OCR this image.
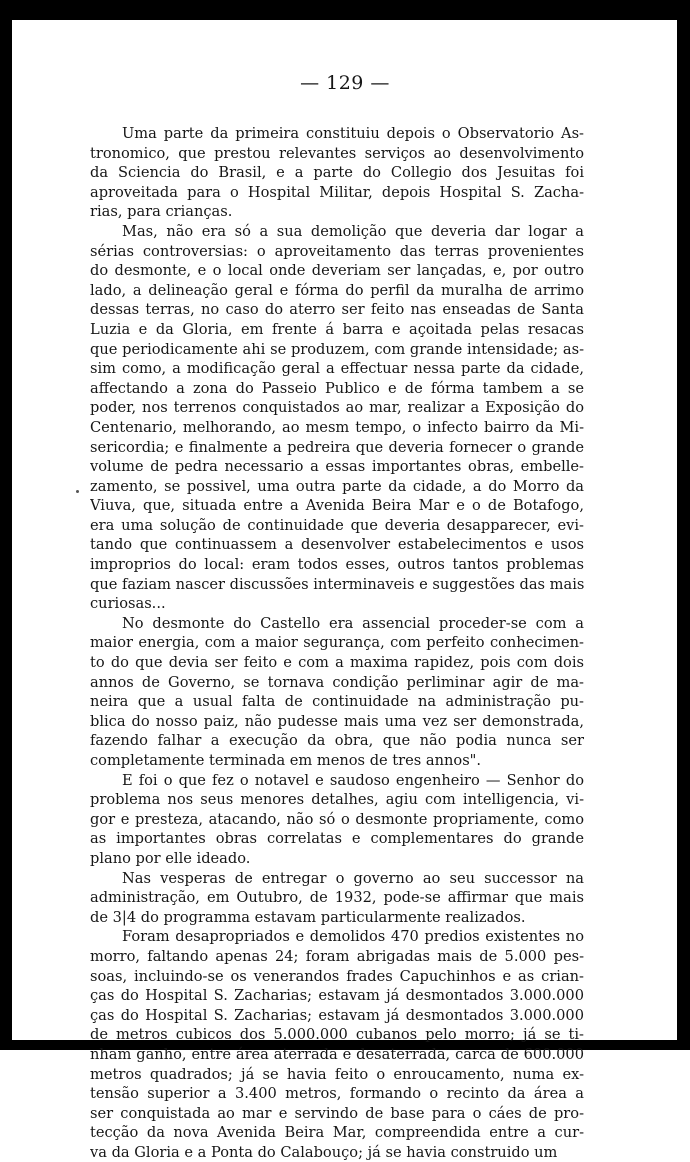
— 129 —
Uma parte da primeira constituiu depois o Observatorio As-
tronomico, que prestou relevantes serviços ao desenvolvimento
da Sciencia do Brasil, e a parte do Collegio dos Jesuitas foi
aproveitada para o Hospital Militar, depois Hospital S. Zacha-
rias, para crianças.
Mas, não era só a sua demolição que deveria dar logar a
sérias controversias: o aproveitamento das terras provenientes
do desmonte, e o local onde deveriam ser lançadas, e, por outro
lado, a delineação geral e fórma do perfil da muralha de arrimo
dessas terras, no caso do aterro ser feito nas enseadas de Santa
Luzia e da Gloria, em frente á barra e açoitada pelas resacas
que periodicamente ahi se produzem, com grande intensidade; as-
sim como, a modificação geral a effectuar nessa parte da cidade,
affectando a zona do Passeio Publico e de fórma tambem a se
poder, nos terrenos conquistados ao mar, realizar a Exposição do
Centenario, melhorando, ao mesm tempo, o infecto bairro da Mi-
sericordia; e finalmente a pedreira que deveria fornecer o grande
volume de pedra necessario a essas importantes obras, embelle-
zamento, se possivel, uma outra parte da cidade, a do Morro da
Viuva, que, situada entre a Avenida Beira Mar e o de Botafogo,
era uma solução de continuidade que deveria desapparecer, evi-
tando que continuassem a desenvolver estabelecimentos e usos
improprios do local: eram todos esses, outros tantos problemas
que faziam nascer discussões interminaveis e suggestões das mais
curiosas...
No desmonte do Castello era assencial proceder-se com a
maior energia, com a maior segurança, com perfeito conhecimen-
to do que devia ser feito e com a maxima rapidez, pois com dois
annos de Governo, se tornava condição perliminar agir de ma-
neira que a usual falta de continuidade na administração pu-
blica do nosso paiz, não pudesse mais uma vez ser demonstrada,
fazendo falhar a execução da obra, que não podia nunca ser
completamente terminada em menos de tres annos".
E foi o que fez o notavel e saudoso engenheiro — Senhor do
problema nos seus menores detalhes, agiu com intelligencia, vi-
gor e presteza, atacando, não só o desmonte propriamente, como
as importantes obras correlatas e complementares do grande
plano por elle ideado.
Nas vesperas de entregar o governo ao seu successor na
administração, em Outubro, de 1932, pode-se affirmar que mais
de 3|4 do programma estavam particularmente realizados.
Foram desapropriados e demolidos 470 predios existentes no
morro, faltando apenas 24; foram abrigadas mais de 5.000 pes-
soas, incluindo-se os venerandos frades Capuchinhos e as crian-
ças do Hospital S. Zacharias; estavam já desmontados 3.000.000
ças do Hospital S. Zacharias; estavam já desmontados 3.000.000
de metros cubicos dos 5.000.000 cubanos pelo morro; já se ti-
nham ganho, entre área aterrada e desaterrada, carca de 600.000
metros quadrados; já se havia feito o enroucamento, numa ex-
tensão superior a 3.400 metros, formando o recinto da área a
ser conquistada ao mar e servindo de base para o cáes de pro-
tecção da nova Avenida Beira Mar, compreendida entre a cur-
va da Gloria e a Ponta do Calabouço; já se havia construido um
